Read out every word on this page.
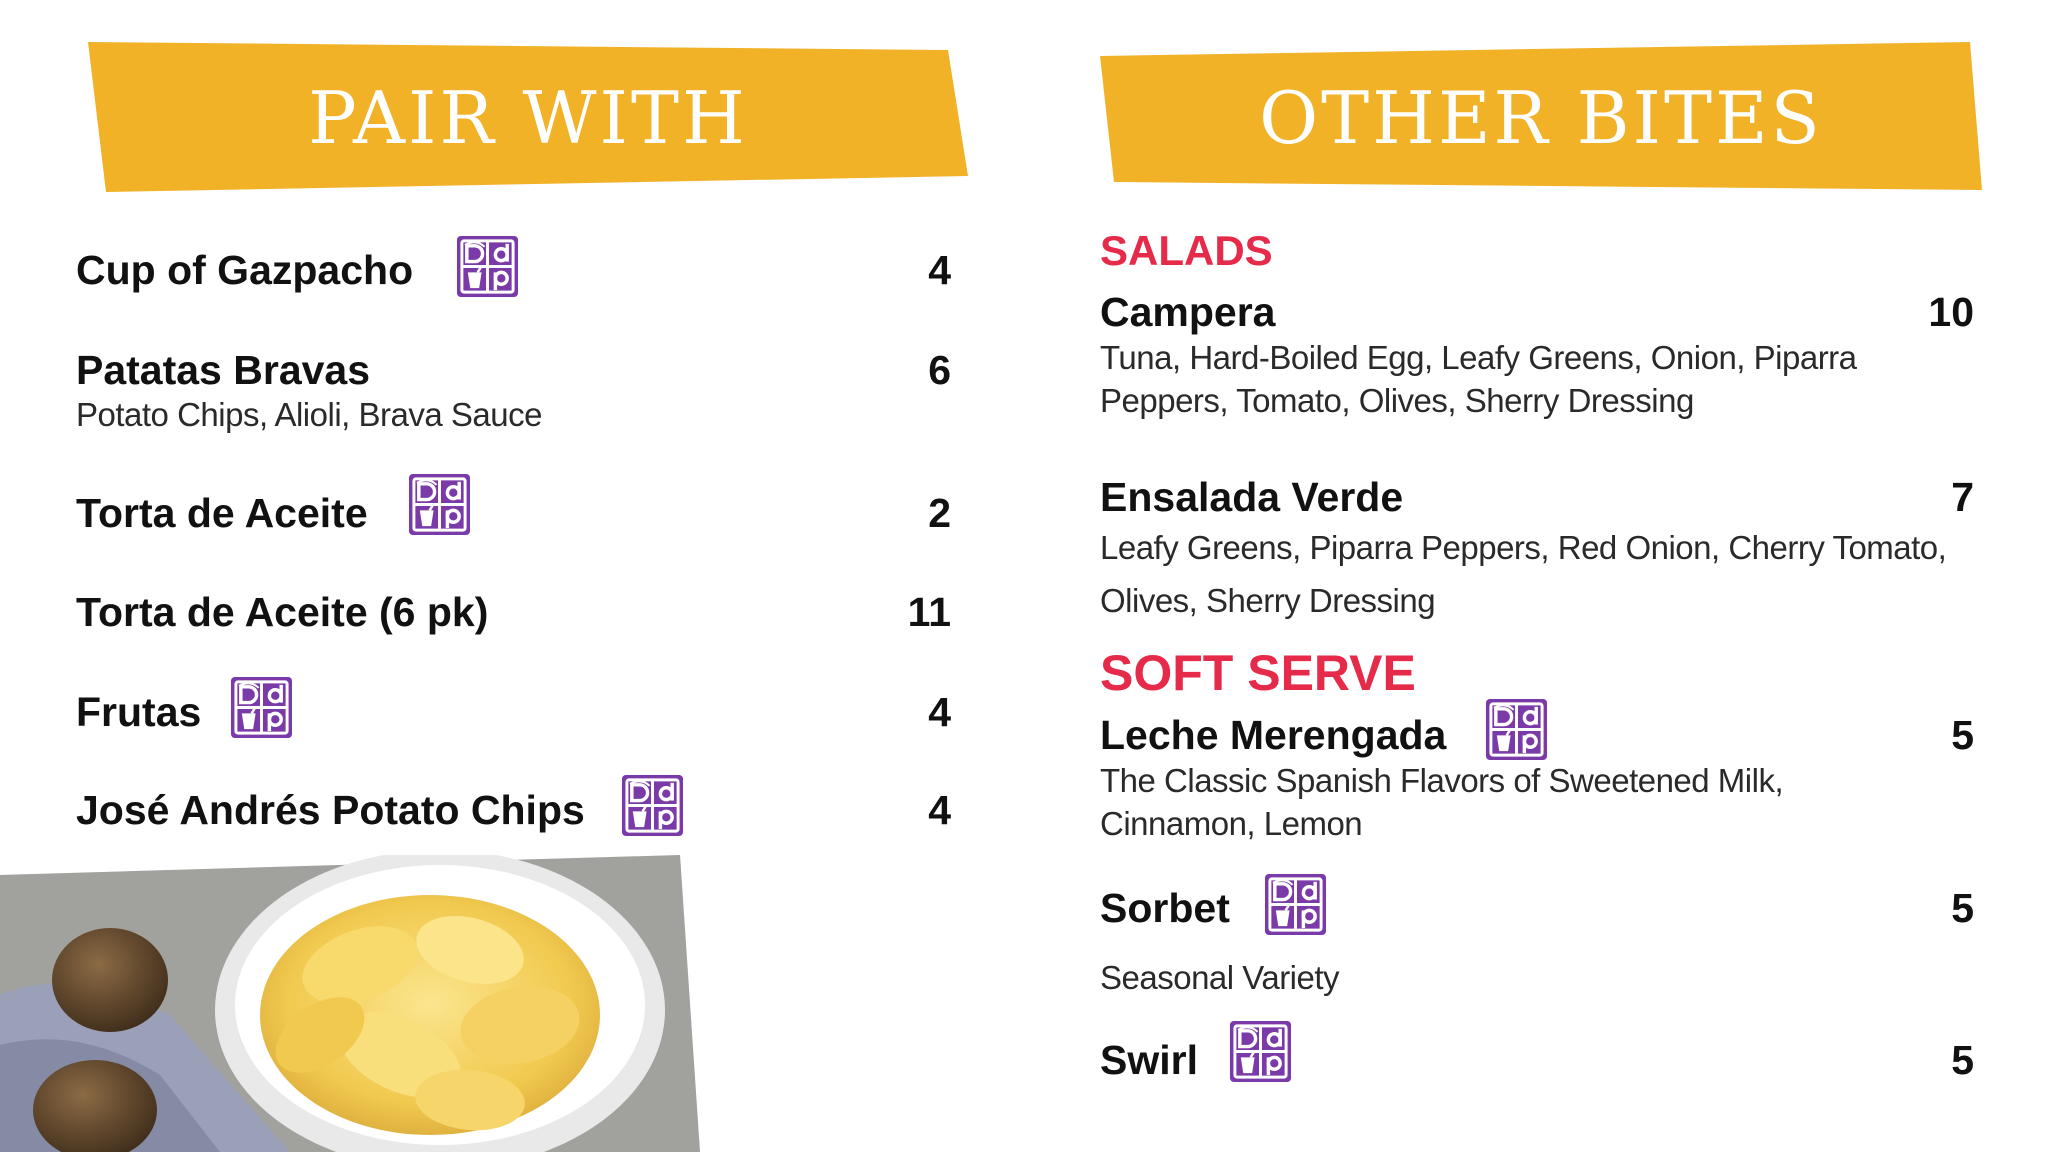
PAIR WITH	OTHER BITES
Cup of Gazpacho	4
Patatas Bravas	6
Potato Chips, Alioli, Brava Sauce
Torta de Aceite	2
Torta de Aceite (6 pk)	11
Frutas	4
José Andrés Potato Chips	4
SALADS
Campera	10
Tuna, Hard-Boiled Egg, Leafy Greens, Onion, Piparra
Peppers, Tomato, Olives, Sherry Dressing
Ensalada Verde	7
Leafy Greens, Piparra Peppers, Red Onion, Cherry Tomato,
Olives, Sherry Dressing
SOFT SERVE
Leche Merengada	5
The Classic Spanish Flavors of Sweetened Milk,
Cinnamon, Lemon
Sorbet	5
Seasonal Variety
Swirl	5
